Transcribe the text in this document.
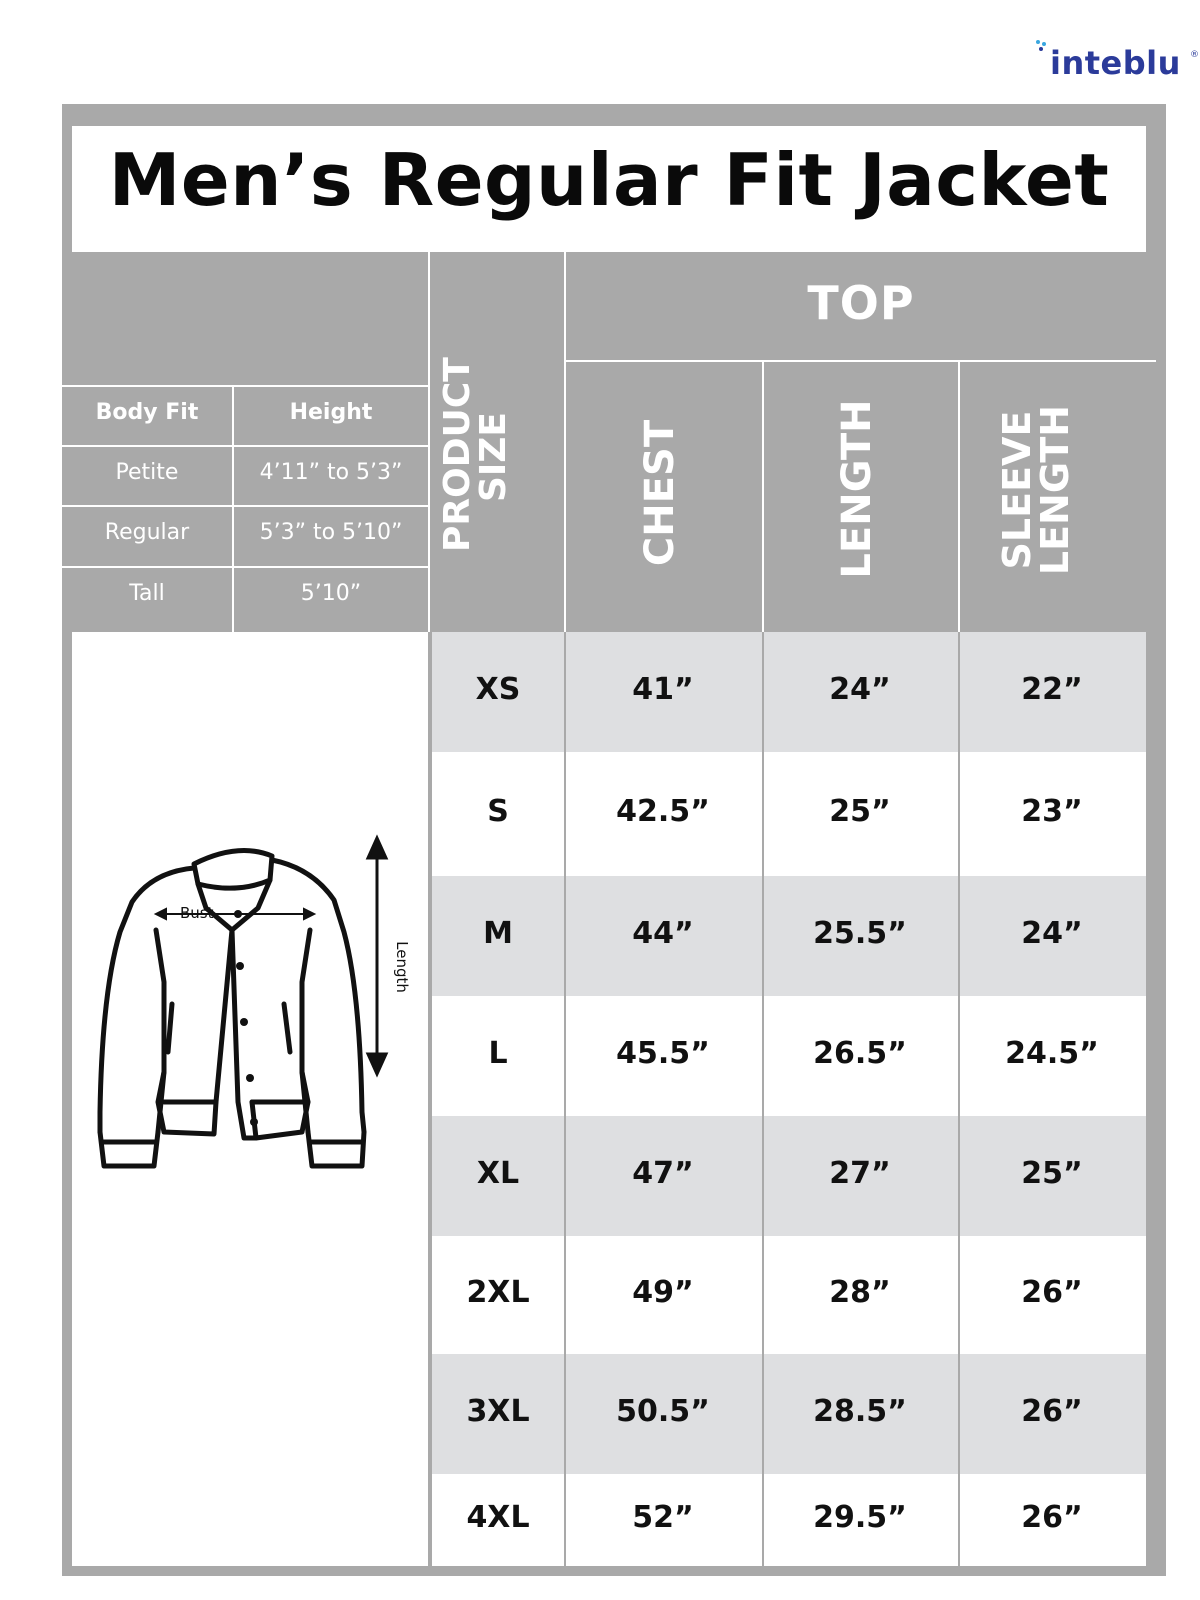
inteblu ®
Men’s Regular Fit Jacket
Body Fit	Height
Petite	4’11” to 5’3”
Regular	5’3” to 5’10”
Tall	5’10”
TOP
PRODUCT
SIZE	CHEST	LENGTH	SLEEVE
LENGTH
Bust
Length
XS	41”	24”	22”
S	42.5”	25”	23”
M	44”	25.5”	24”
L	45.5”	26.5”	24.5”
XL	47”	27”	25”
2XL	49”	28”	26”
3XL	50.5”	28.5”	26”
4XL	52”	29.5”	26”
